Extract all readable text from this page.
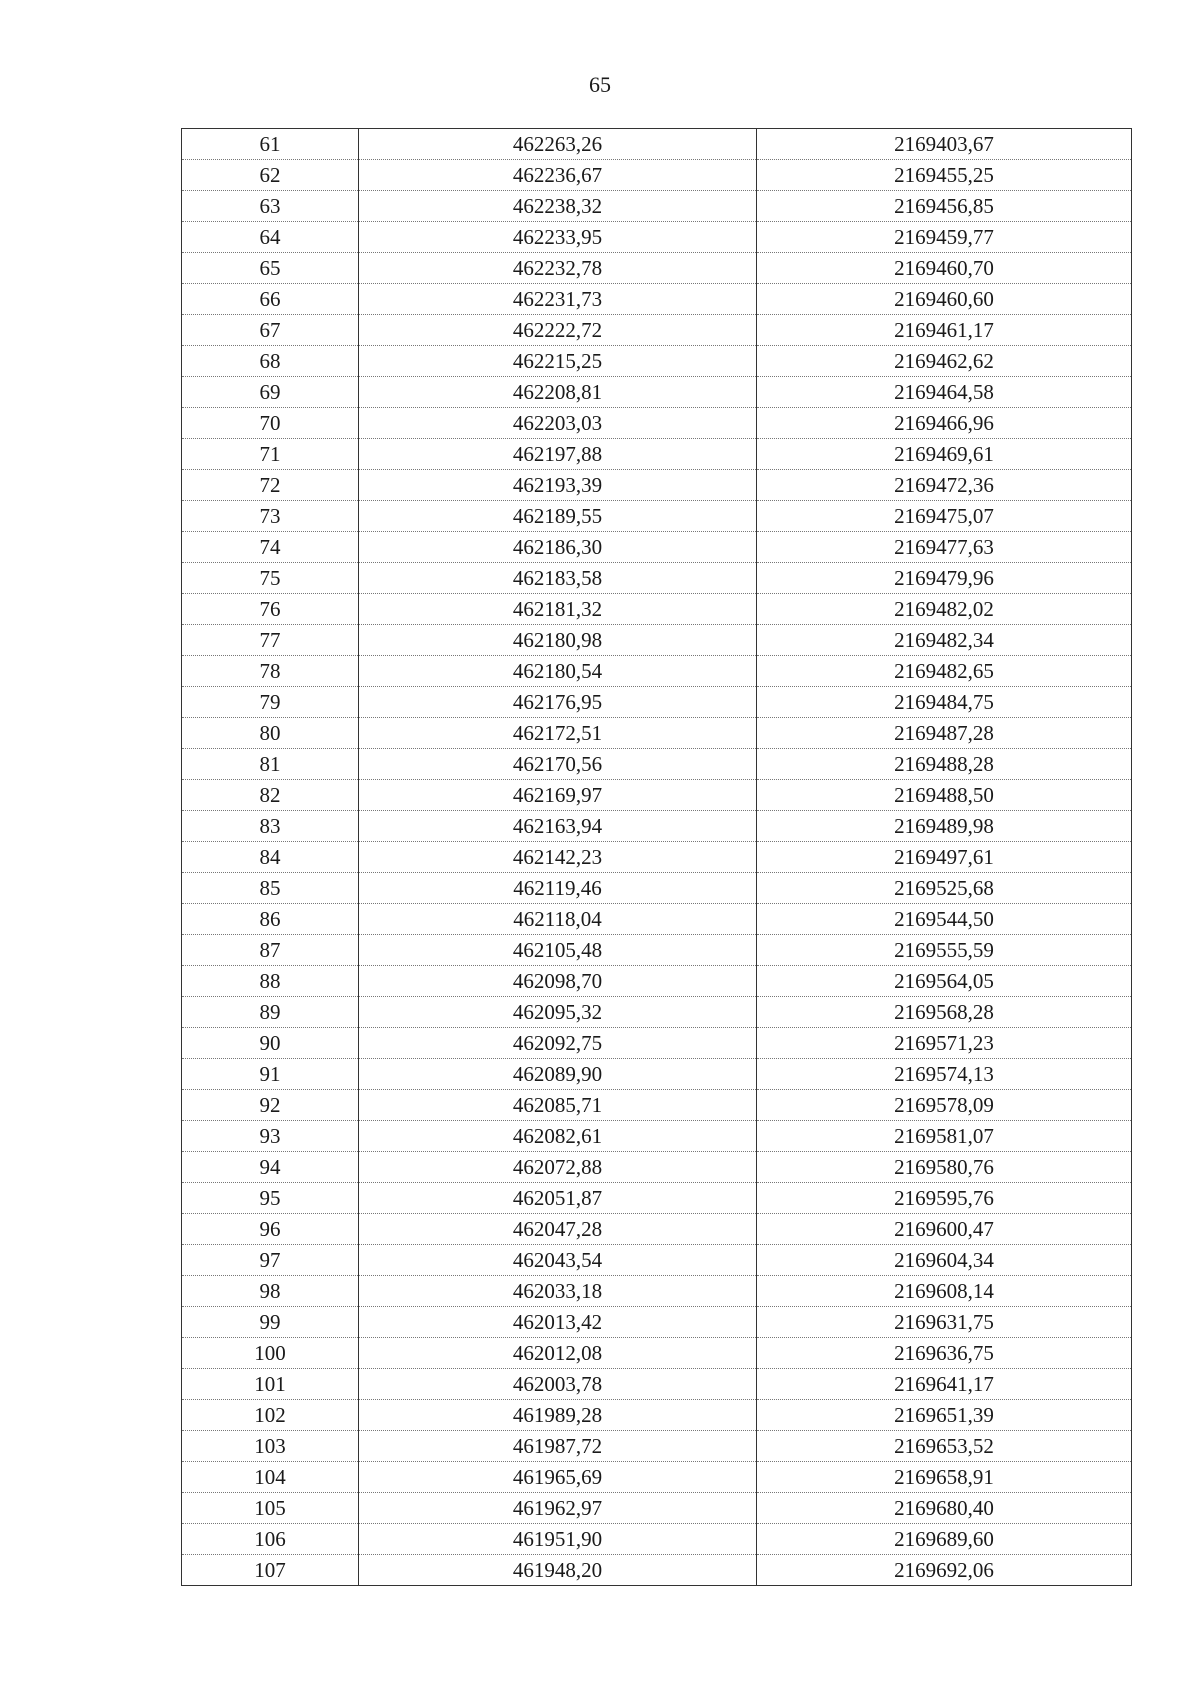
65
61	462263,26	2169403,67
62	462236,67	2169455,25
63	462238,32	2169456,85
64	462233,95	2169459,77
65	462232,78	2169460,70
66	462231,73	2169460,60
67	462222,72	2169461,17
68	462215,25	2169462,62
69	462208,81	2169464,58
70	462203,03	2169466,96
71	462197,88	2169469,61
72	462193,39	2169472,36
73	462189,55	2169475,07
74	462186,30	2169477,63
75	462183,58	2169479,96
76	462181,32	2169482,02
77	462180,98	2169482,34
78	462180,54	2169482,65
79	462176,95	2169484,75
80	462172,51	2169487,28
81	462170,56	2169488,28
82	462169,97	2169488,50
83	462163,94	2169489,98
84	462142,23	2169497,61
85	462119,46	2169525,68
86	462118,04	2169544,50
87	462105,48	2169555,59
88	462098,70	2169564,05
89	462095,32	2169568,28
90	462092,75	2169571,23
91	462089,90	2169574,13
92	462085,71	2169578,09
93	462082,61	2169581,07
94	462072,88	2169580,76
95	462051,87	2169595,76
96	462047,28	2169600,47
97	462043,54	2169604,34
98	462033,18	2169608,14
99	462013,42	2169631,75
100	462012,08	2169636,75
101	462003,78	2169641,17
102	461989,28	2169651,39
103	461987,72	2169653,52
104	461965,69	2169658,91
105	461962,97	2169680,40
106	461951,90	2169689,60
107	461948,20	2169692,06
